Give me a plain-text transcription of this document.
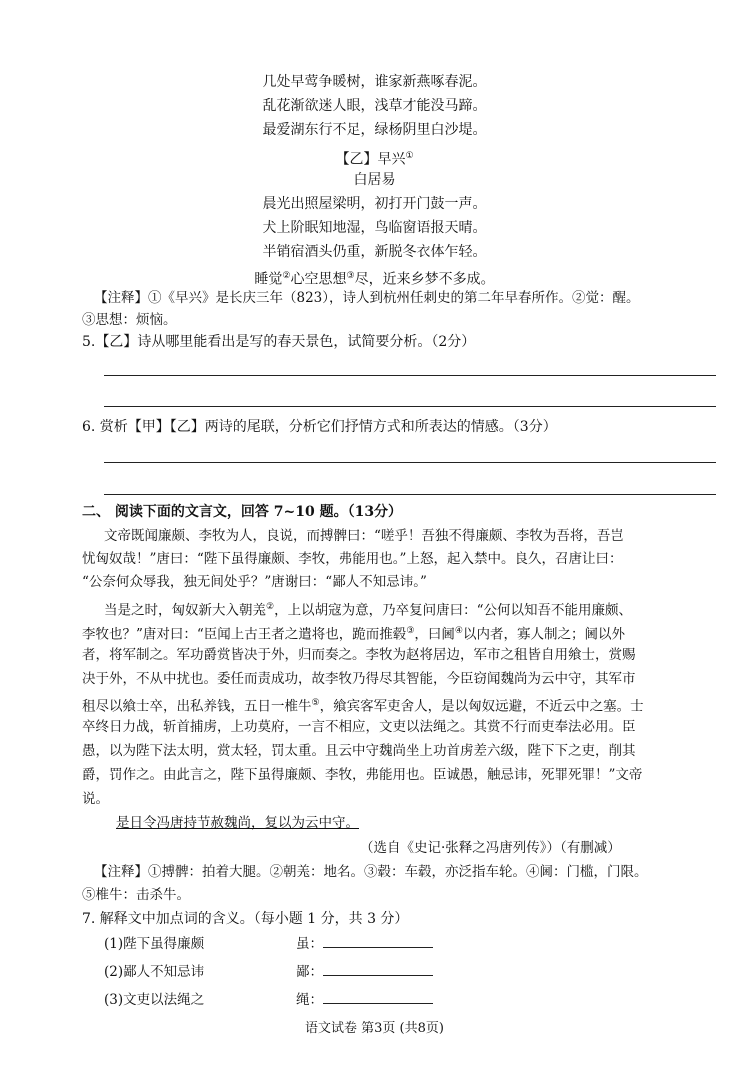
几处早莺争暖树，谁家新燕啄春泥。
乱花渐欲迷人眼，浅草才能没马蹄。
最爱湖东行不足，绿杨阴里白沙堤。
【乙】早兴①
白居易
晨光出照屋梁明，初打开门鼓一声。
犬上阶眠知地湿，鸟临窗语报天晴。
半销宿酒头仍重，新脱冬衣体乍轻。
睡觉②心空思想③尽，近来乡梦不多成。
【注释】①《早兴》是长庆三年（823），诗人到杭州任刺史的第二年早春所作。②觉：醒。
③思想：烦恼。
5.【乙】诗从哪里能看出是写的春天景色，试简要分析。（2分）
6. 赏析【甲】【乙】两诗的尾联，分析它们抒情方式和所表达的情感。（3分）
二、 阅读下面的文言文，回答 7~10 题。（13分）
文帝既闻廉颇、李牧为人，良说，而搏髀曰：“嗟乎！吾独不得廉颇、李牧为吾将，吾岂
忧匈奴哉！”唐曰：“陛下虽得廉颇、李牧，弗能用也。”上怒，起入禁中。良久，召唐让曰：
“公奈何众辱我，独无间处乎？”唐谢曰：“鄙人不知忌讳。”
当是之时，匈奴新大入朝𦍑②，上以胡寇为意，乃卒复问唐曰：“公何以知吾不能用廉颇、
李牧也？”唐对曰：“臣闻上古王者之遣将也，跪而推毂③，曰阃④以内者，寡人制之；阃以外
者，将军制之。军功爵赏皆决于外，归而奏之。李牧为赵将居边，军市之租皆自用飨士，赏赐
决于外，不从中扰也。委任而责成功，故李牧乃得尽其智能，今臣窃闻魏尚为云中守，其军市
租尽以飨士卒，出私养钱，五日一椎牛⑤，飨宾客军吏舍人，是以匈奴远避，不近云中之塞。士
卒终日力战，斩首捕虏，上功莫府，一言不相应，文吏以法绳之。其赏不行而吏奉法必用。臣
愚，以为陛下法太明，赏太轻，罚太重。且云中守魏尚坐上功首虏差六级，陛下下之吏，削其
爵，罚作之。由此言之，陛下虽得廉颇、李牧，弗能用也。臣诚愚，触忌讳，死罪死罪！”文帝
说。
是日令冯唐持节赦魏尚，复以为云中守。
（选自《史记·张释之冯唐列传》）（有删减）
【注释】①搏髀：拍着大腿。②朝𦍑：地名。③毂：车毂，亦泛指车轮。④阃：门槛，门限。
⑤椎牛：击杀牛。
7. 解释文中加点词的含义。（每小题 1 分，共 3 分）
(1)陛下虽得廉颇	虽：
(2)鄙人不知忌讳	鄙：
(3)文吏以法绳之	绳：
语文试卷 第3页 (共8页)
